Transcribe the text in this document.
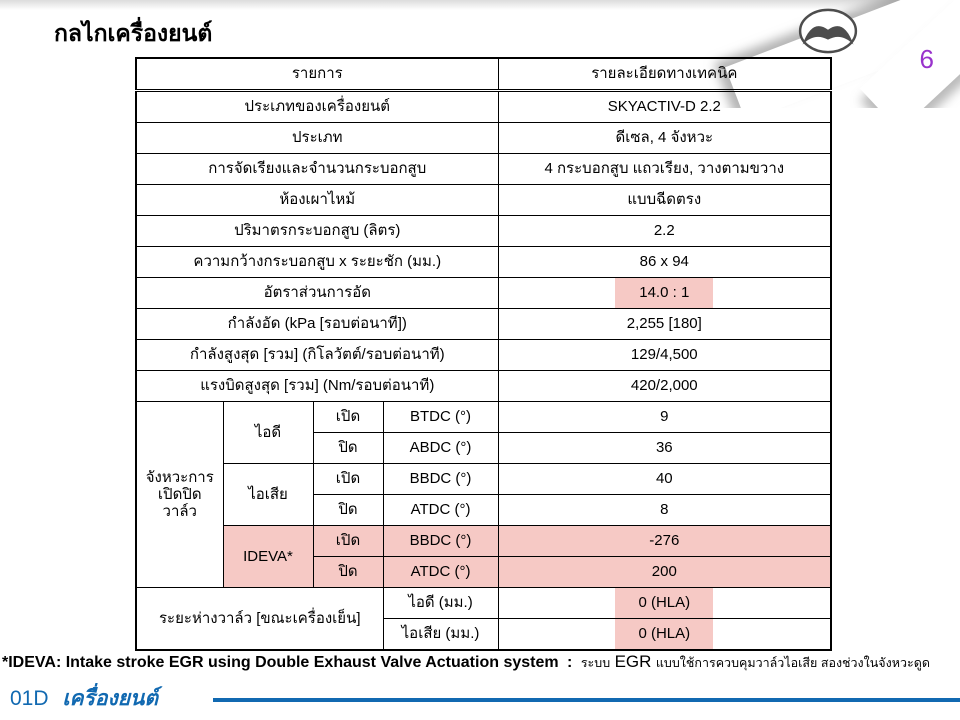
6
กลไกเครื่องยนต์
รายการ				รายละเอียดทางเทคนิค
ประเภทของเครื่องยนต์				SKYACTIV-D 2.2
ประเภท				ดีเซล, 4 จังหวะ
การจัดเรียงและจำนวนกระบอกสูบ				4 กระบอกสูบ แถวเรียง, วางตามขวาง
ห้องเผาไหม้				แบบฉีดตรง
ปริมาตรกระบอกสูบ (ลิตร)				2.2
ความกว้างกระบอกสูบ x ระยะชัก (มม.)				86 x 94
อัตราส่วนการอัด				14.0 : 1
กำลังอัด (kPa [รอบต่อนาที])				2,255 [180]
กำลังสูงสุด [รวม] (กิโลวัตต์/รอบต่อนาที)				129/4,500
แรงบิดสูงสุด [รวม] (Nm/รอบต่อนาที)				420/2,000
จังหวะการ เปิดปิดวาล์ว	ไอดี	เปิด	BTDC (°)	9
		ปิด	ABDC (°)	36
	ไอเสีย	เปิด	BBDC (°)	40
		ปิด	ATDC (°)	8
	IDEVA*	เปิด	BBDC (°)	-276
		ปิด	ATDC (°)	200
ระยะห่างวาล์ว [ขณะเครื่องเย็น]			ไอดี (มม.)	0 (HLA)
			ไอเสีย (มม.)	0 (HLA)
*IDEVA: Intake stroke EGR using Double Exhaust Valve Actuation system : ระบบ EGR แบบใช้การควบคุมวาล์วไอเสีย สองช่วงในจังหวะดูด
01D เครื่องยนต์
